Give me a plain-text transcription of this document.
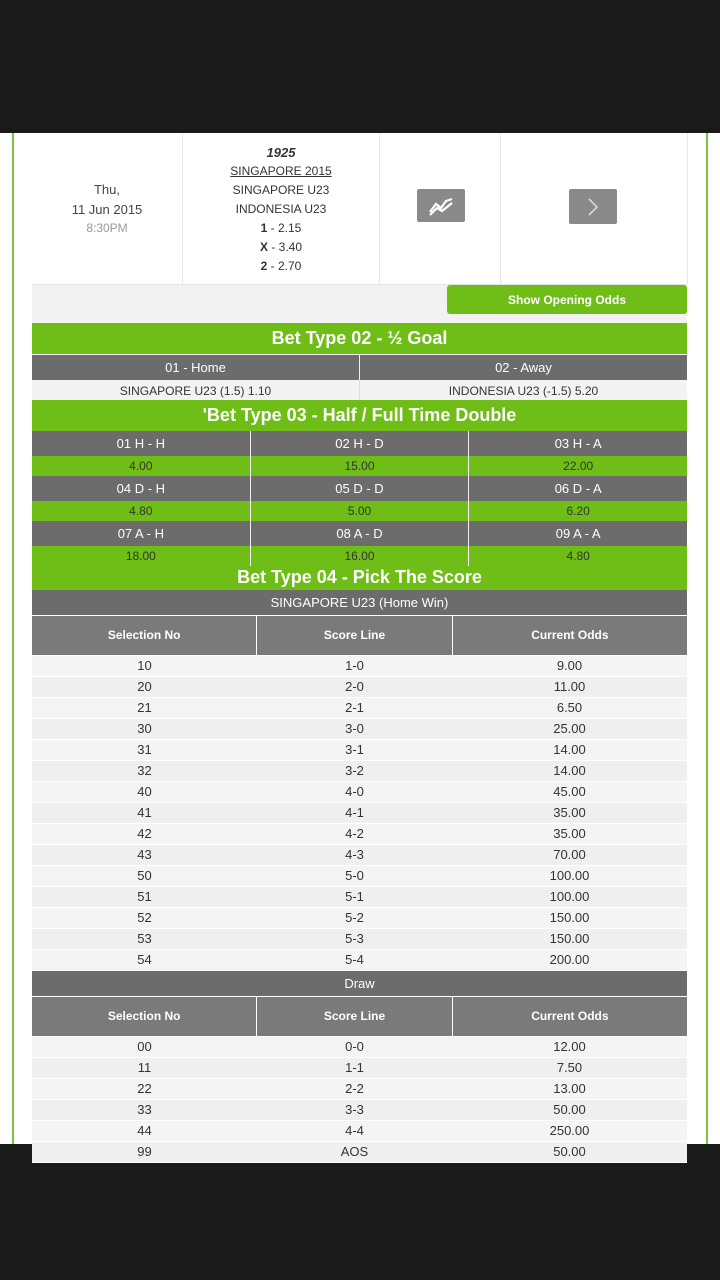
Thu,
11 Jun 2015
8:30PM
1925
SINGAPORE 2015
SINGAPORE U23
INDONESIA U23
1 - 2.15
X - 3.40
2 - 2.70
Show Opening Odds
Bet Type 02 - ½ Goal
01 - Home	02 - Away
SINGAPORE U23 (1.5) 1.10	INDONESIA U23 (-1.5) 5.20
'Bet Type 03 - Half / Full Time Double
01 H - H	02 H - D	03 H - A
4.00	15.00	22.00
04 D - H	05 D - D	06 D - A
4.80	5.00	6.20
07 A - H	08 A - D	09 A - A
18.00	16.00	4.80
Bet Type 04 - Pick The Score
SINGAPORE U23 (Home Win)
Selection No	Score Line	Current Odds
10	1-0	9.00
20	2-0	11.00
21	2-1	6.50
30	3-0	25.00
31	3-1	14.00
32	3-2	14.00
40	4-0	45.00
41	4-1	35.00
42	4-2	35.00
43	4-3	70.00
50	5-0	100.00
51	5-1	100.00
52	5-2	150.00
53	5-3	150.00
54	5-4	200.00
Draw
Selection No	Score Line	Current Odds
00	0-0	12.00
11	1-1	7.50
22	2-2	13.00
33	3-3	50.00
44	4-4	250.00
99	AOS	50.00
